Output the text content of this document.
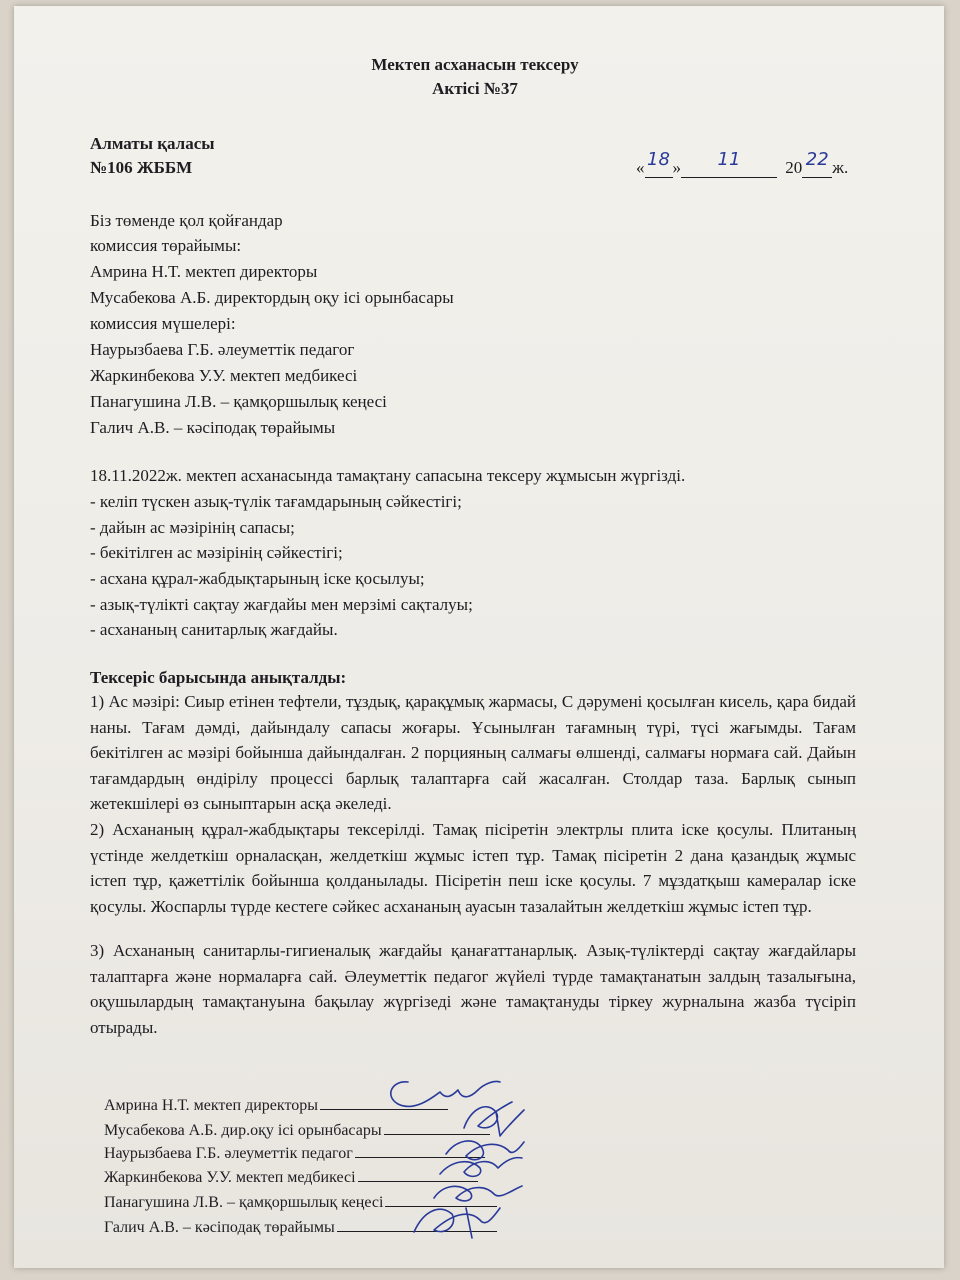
Мектеп асханасын тексеру
Актісі №37
Алматы қаласы
№106 ЖББМ	« 18 »	11	20 22 ж.
Біз төменде қол қойғандар
комиссия төрайымы:
Амрина Н.Т. мектеп директоры
Мусабекова А.Б. директордың оқу ісі орынбасары
комиссия мүшелері:
Наурызбаева Г.Б. әлеуметтік педагог
Жаркинбекова У.У. мектеп медбикесі
Панагушина Л.В. – қамқоршылық кеңесі
Галич А.В. – кәсіподақ төрайымы
18.11.2022ж. мектеп асханасында тамақтану сапасына тексеру жұмысын жүргізді.
- келіп түскен азық-түлік тағамдарының сәйкестігі;
- дайын ас мәзірінің сапасы;
- бекітілген ас мәзірінің сәйкестігі;
- асхана құрал-жабдықтарының іске қосылуы;
- азық-түлікті сақтау жағдайы мен мерзімі сақталуы;
- асхананың санитарлық жағдайы.
Тексеріс барысында анықталды:
1) Ас мәзірі: Сиыр етінен тефтели, тұздық, қарақұмық жармасы, С дәрумені қосылған кисель, қара бидай наны. Тағам дәмді, дайындалу сапасы жоғары. Ұсынылған тағамның түрі, түсі жағымды. Тағам бекітілген ас мәзірі бойынша дайындалған. 2 порцияның салмағы өлшенді, салмағы нормаға сай. Дайын тағамдардың өндірілу процессі барлық талаптарға сай жасалған. Столдар таза. Барлық сынып жетекшілері өз сыныптарын асқа әкеледі.
2) Асхананың құрал-жабдықтары тексерілді. Тамақ пісіретін электрлы плита іске қосулы. Плитаның үстінде желдеткіш орналасқан, желдеткіш жұмыс істеп тұр. Тамақ пісіретін 2 дана қазандық жұмыс істеп тұр, қажеттілік бойынша қолданылады. Пісіретін пеш іске қосулы. 7 мұздатқыш камералар іске қосулы. Жоспарлы түрде кестеге сәйкес асхананың ауасын тазалайтын желдеткіш жұмыс істеп тұр.
3) Асхананың санитарлы-гигиеналық жағдайы қанағаттанарлық. Азық-түліктерді сақтау жағдайлары талаптарға және нормаларға сай. Әлеуметтік педагог жүйелі түрде тамақтанатын залдың тазалығына, оқушылардың тамақтануына бақылау жүргізеді және тамақтануды тіркеу журналына жазба түсіріп отырады.
Амрина Н.Т. мектеп директоры
Мусабекова А.Б. дир.оқу ісі орынбасары
Наурызбаева Г.Б. әлеуметтік педагог
Жаркинбекова У.У. мектеп медбикесі
Панагушина Л.В. – қамқоршылық кеңесі
Галич А.В. – кәсіподақ төрайымы
